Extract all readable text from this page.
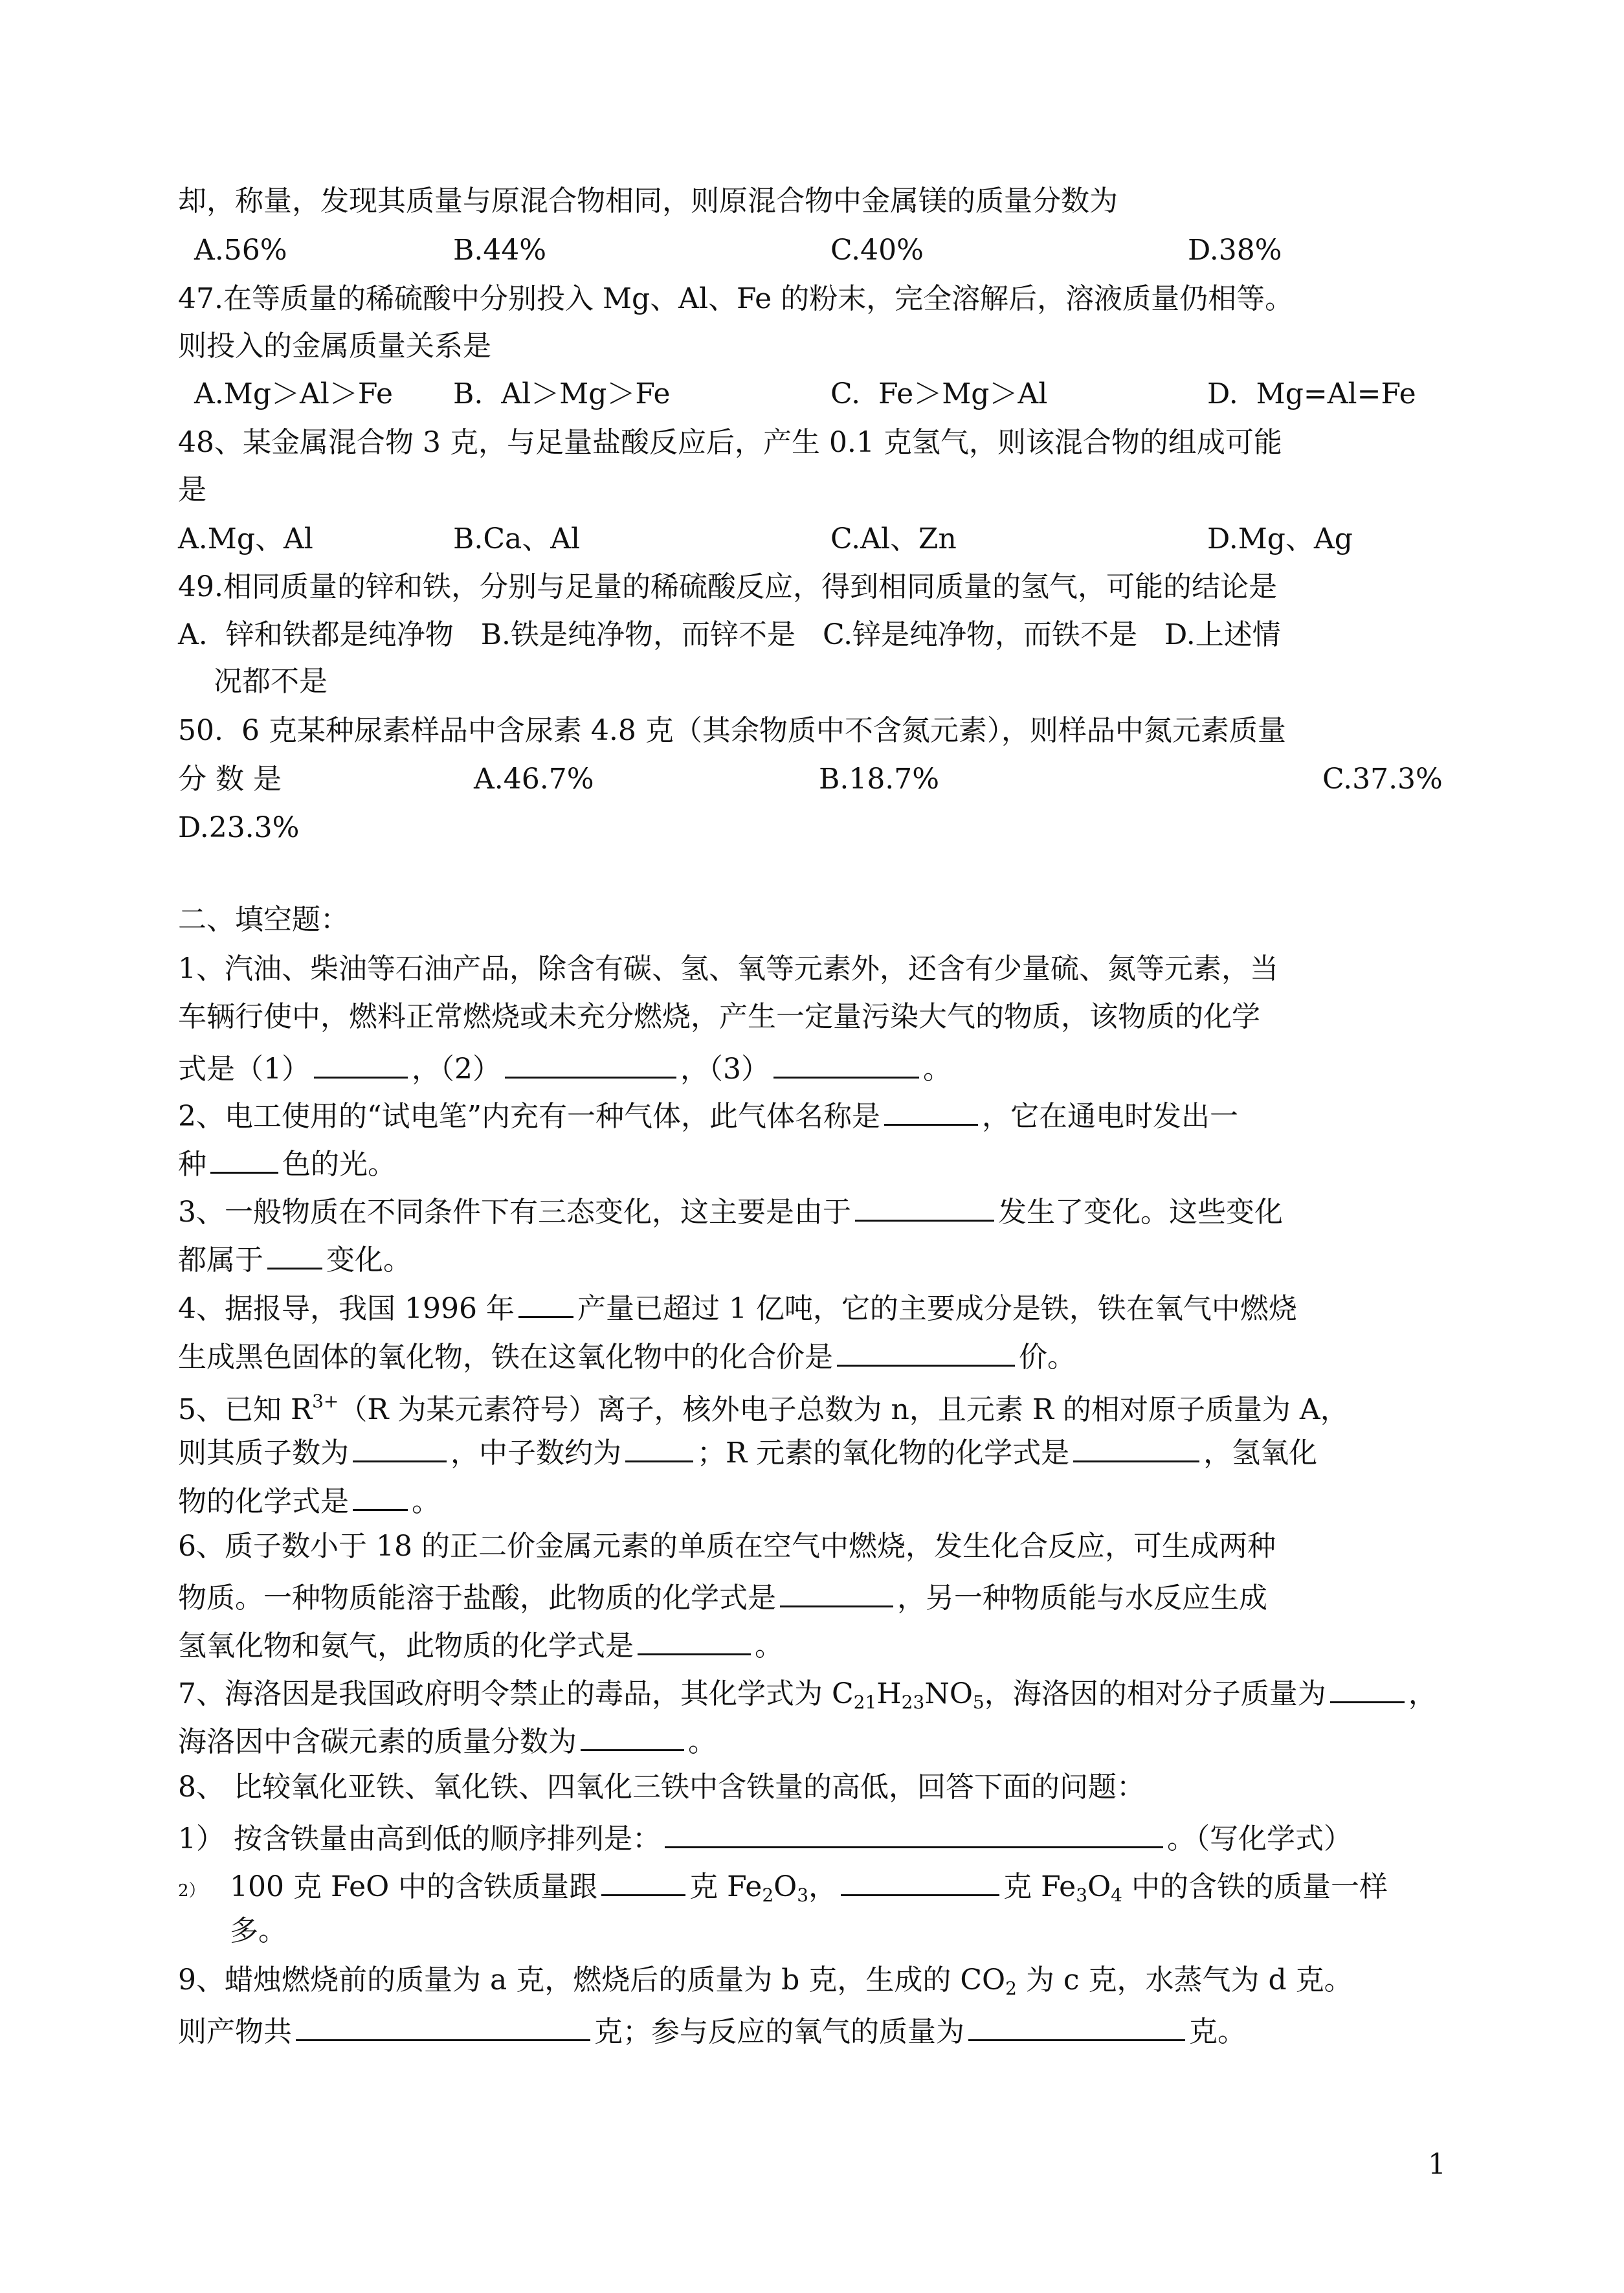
却，称量，发现其质量与原混合物相同，则原混合物中金属镁的质量分数为
A.56%	B.44%	C.40%	D.38%
47.在等质量的稀硫酸中分别投入 Mg、Al、Fe 的粉末，完全溶解后，溶液质量仍相等。
则投入的金属质量关系是
A.Mg＞Al＞Fe B.  Al＞Mg＞Fe	C.  Fe＞Mg＞Al	D.  Mg=Al=Fe
48、某金属混合物 3 克，与足量盐酸反应后，产生 0.1 克氢气，则该混合物的组成可能
是
A.Mg、Al	B.Ca、Al	C.Al、Zn	D.Mg、Ag
49.相同质量的锌和铁，分别与足量的稀硫酸反应，得到相同质量的氢气，可能的结论是
A.  锌和铁都是纯净物   B.铁是纯净物，而锌不是   C.锌是纯净物，而铁不是   D.上述情
况都不是
50.  6 克某种尿素样品中含尿素 4.8 克（其余物质中不含氮元素），则样品中氮元素质量
分 数 是	A.46.7%	B.18.7%	C.37.3%
D.23.3%
二、填空题：
1、汽油、柴油等石油产品，除含有碳、氢、氧等元素外，还含有少量硫、氮等元素，当
车辆行使中，燃料正常燃烧或未充分燃烧，产生一定量污染大气的物质，该物质的化学
式是（1）	，（2）	，（3）	。
2、电工使用的“试电笔”内充有一种气体，此气体名称是	，它在通电时发出一
种	色的光。
3、一般物质在不同条件下有三态变化，这主要是由于	发生了变化。这些变化
都属于 变化。
4、据报导，我国 1996 年 产量已超过 1 亿吨，它的主要成分是铁，铁在氧气中燃烧
生成黑色固体的氧化物，铁在这氧化物中的化合价是	价。
5、已知 $R^{3+}(R$ 为某元素符号）离子，核外电子总数为 n，且元素 R 的相对原子质量为 A，
则其质子数为	，中子数约为	；R 元素的氧化物的化学式是	，氢氧化
物的化学式是 。
6、质子数小于 18 的正二价金属元素的单质在空气中燃烧，发生化合反应，可生成两种
物质。一种物质能溶于盐酸，此物质的化学式是	，另一种物质能与水反应生成
氢氧化物和氨气，此物质的化学式是	。
7、海洛因是我国政府明令禁止的毒品，其化学式为 $C_{21}H_{23}NO_5$，海洛因的相对分子质量为	，
海洛因中含碳元素的质量分数为	。
8、 比较氧化亚铁、氧化铁、四氧化三铁中含铁量的高低，回答下面的问题：
1） 按含铁量由高到低的顺序排列是：	。（写化学式）
2） 100 克 FeO 中的含铁质量跟	克 $Fe_2O_3$，	克 $Fe_3O_4$ 中的含铁的质量一样
多。
9、蜡烛燃烧前的质量为 a 克，燃烧后的质量为 b 克，生成的 $CO_2$ 为 c 克，水蒸气为 d 克。
则产物共	克；参与反应的氧气的质量为	克。
1
